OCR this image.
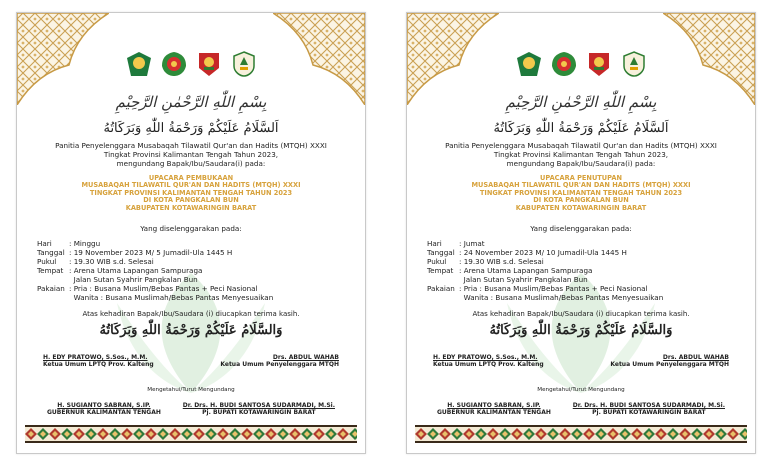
بِسْمِ اللّٰهِ الرَّحْمٰنِ الرَّحِيْمِ
اَلسَّلَامُ عَلَيْكُمْ وَرَحْمَةُ اللّٰهِ وَبَرَكَاتُهُ
Panitia Penyelenggara Musabaqah Tilawatil Qur'an dan Hadits (MTQH) XXXI
Tingkat Provinsi Kalimantan Tengah Tahun 2023,
mengundang Bapak/Ibu/Saudara(i) pada:
UPACARA PEMBUKAAN
MUSABAQAH TILAWATIL QUR'AN DAN HADITS (MTQH) XXXI
TINGKAT PROVINSI KALIMANTAN TENGAH TAHUN 2023
DI KOTA PANGKALAN BUN
KABUPATEN KOTAWARINGIN BARAT
Yang diselenggarakan pada:
Hari	: Minggu
Tanggal : 19 November 2023 M/ 5 Jumadil-Ula 1445 H
Pukul	: 19.30 WIB s.d. Selesai
Tempat : Arena Utama Lapangan Sampuraga
Jalan Sutan Syahrir Pangkalan Bun
Pakaian : Pria : Busana Muslim/Bebas Pantas + Peci Nasional
Wanita : Busana Muslimah/Bebas Pantas Menyesuaikan
Atas kehadiran Bapak/Ibu/Saudara (i) diucapkan terima kasih.
وَالسَّلَامُ عَلَيْكُمْ وَرَحْمَةُ اللّٰهِ وَبَرَكَاتُهُ
H. EDY PRATOWO, S.Sos., M.M.
Ketua Umum LPTQ Prov. Kalteng
Drs. ABDUL WAHAB
Ketua Umum Penyelenggara MTQH
Mengetahui/Turut Mengundang
H. SUGIANTO SABRAN, S.IP.
GUBERNUR KALIMANTAN TENGAH
Dr. Drs. H. BUDI SANTOSA SUDARMADI, M.Si.
Pj. BUPATI KOTAWARINGIN BARAT
بِسْمِ اللّٰهِ الرَّحْمٰنِ الرَّحِيْمِ
اَلسَّلَامُ عَلَيْكُمْ وَرَحْمَةُ اللّٰهِ وَبَرَكَاتُهُ
Panitia Penyelenggara Musabaqah Tilawatil Qur'an dan Hadits (MTQH) XXXI
Tingkat Provinsi Kalimantan Tengah Tahun 2023,
mengundang Bapak/Ibu/Saudara(i) pada:
UPACARA PENUTUPAN
MUSABAQAH TILAWATIL QUR'AN DAN HADITS (MTQH) XXXI
TINGKAT PROVINSI KALIMANTAN TENGAH TAHUN 2023
DI KOTA PANGKALAN BUN
KABUPATEN KOTAWARINGIN BARAT
Yang diselenggarakan pada:
Hari	: Jumat
Tanggal : 24 November 2023 M/ 10 Jumadil-Ula 1445 H
Pukul	: 19.30 WIB s.d. Selesai
Tempat : Arena Utama Lapangan Sampuraga
Jalan Sutan Syahrir Pangkalan Bun
Pakaian : Pria : Busana Muslim/Bebas Pantas + Peci Nasional
Wanita : Busana Muslimah/Bebas Pantas Menyesuaikan
Atas kehadiran Bapak/Ibu/Saudara (i) diucapkan terima kasih.
وَالسَّلَامُ عَلَيْكُمْ وَرَحْمَةُ اللّٰهِ وَبَرَكَاتُهُ
H. EDY PRATOWO, S.Sos., M.M.
Ketua Umum LPTQ Prov. Kalteng
Drs. ABDUL WAHAB
Ketua Umum Penyelenggara MTQH
Mengetahui/Turut Mengundang
H. SUGIANTO SABRAN, S.IP.
GUBERNUR KALIMANTAN TENGAH
Dr. Drs. H. BUDI SANTOSA SUDARMADI, M.Si.
Pj. BUPATI KOTAWARINGIN BARAT
